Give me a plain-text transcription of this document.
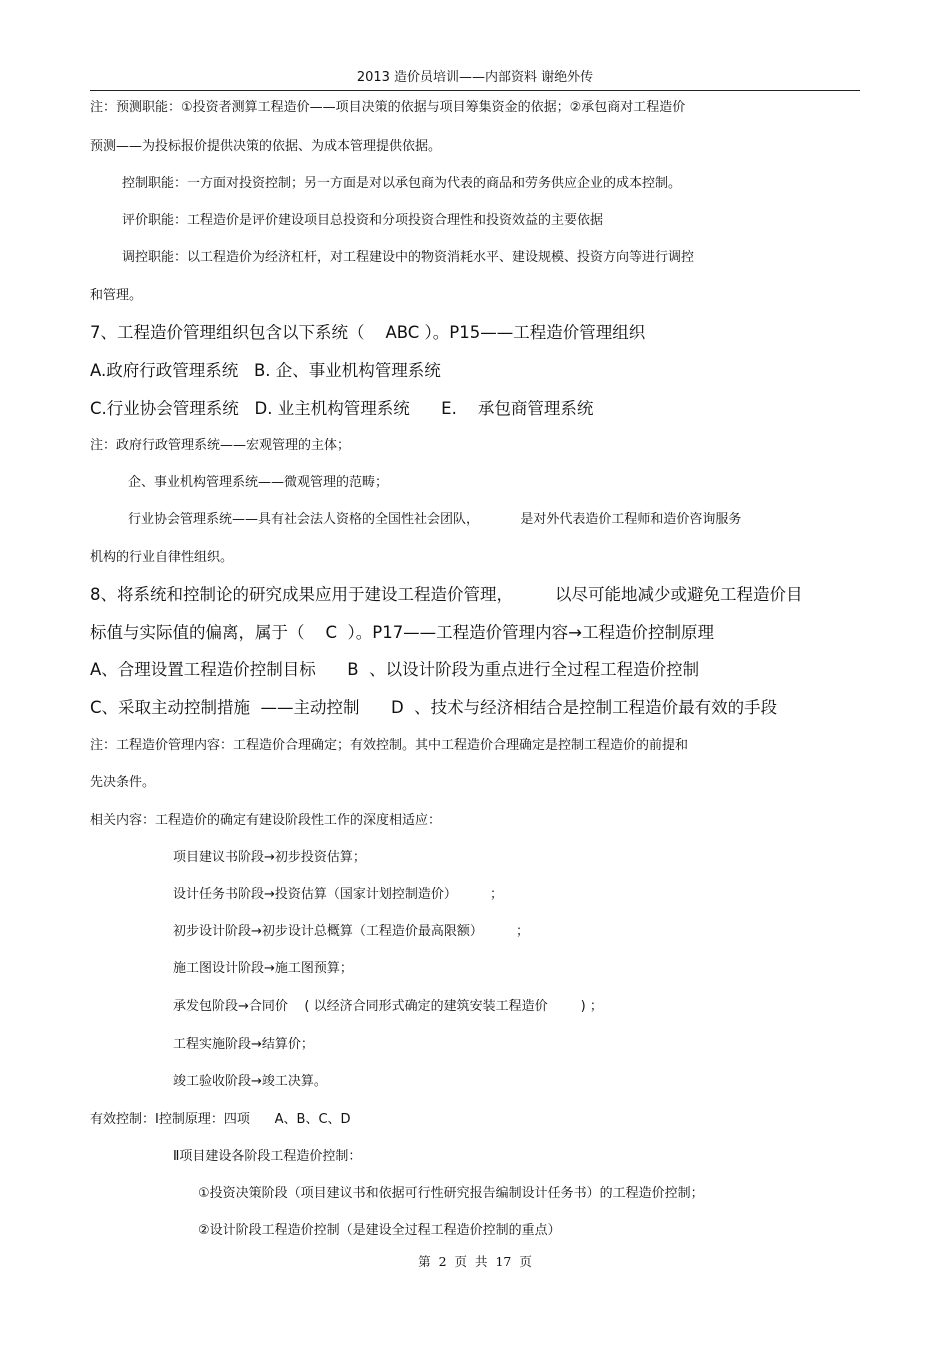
2013 造价员培训——内部资料 谢绝外传
注：预测职能：①投资者测算工程造价——项目决策的依据与项目筹集资金的依据；②承包商对工程造价
预测——为投标报价提供决策的依据、为成本管理提供依据。
控制职能：一方面对投资控制；另一方面是对以承包商为代表的商品和劳务供应企业的成本控制。
评价职能：工程造价是评价建设项目总投资和分项投资合理性和投资效益的主要依据
调控职能：以工程造价为经济杠杆，对工程建设中的物资消耗水平、建设规模、投资方向等进行调控
和管理。
7、工程造价管理组织包含以下系统（    ABC ）。P15——工程造价管理组织
A.政府行政管理系统   B. 企、事业机构管理系统
C.行业协会管理系统   D. 业主机构管理系统      E.    承包商管理系统
注：政府行政管理系统——宏观管理的主体；
企、事业机构管理系统——微观管理的范畴；
行业协会管理系统——具有社会法人资格的全国性社会团队，          是对外代表造价工程师和造价咨询服务
机构的行业自律性组织。
8、将系统和控制论的研究成果应用于建设工程造价管理，        以尽可能地减少或避免工程造价目
标值与实际值的偏离，属于（    C  ）。P17——工程造价管理内容→工程造价控制原理
A、合理设置工程造价控制目标      B  、以设计阶段为重点进行全过程工程造价控制
C、采取主动控制措施  ——主动控制      D  、技术与经济相结合是控制工程造价最有效的手段
注：工程造价管理内容：工程造价合理确定；有效控制。其中工程造价合理确定是控制工程造价的前提和
先决条件。
相关内容：工程造价的确定有建设阶段性工作的深度相适应：
项目建议书阶段→初步投资估算；
设计任务书阶段→投资估算（国家计划控制造价）        ；
初步设计阶段→初步设计总概算（工程造价最高限额）        ；
施工图设计阶段→施工图预算；
承发包阶段→合同价    ( 以经济合同形式确定的建筑安装工程造价        ) ；
工程实施阶段→结算价；
竣工验收阶段→竣工决算。
有效控制：Ⅰ控制原理：四项      A、B、C、D
Ⅱ项目建设各阶段工程造价控制：
①投资决策阶段（项目建议书和依据可行性研究报告编制设计任务书）的工程造价控制；
②设计阶段工程造价控制（是建设全过程工程造价控制的重点）
第 2 页 共 17 页
